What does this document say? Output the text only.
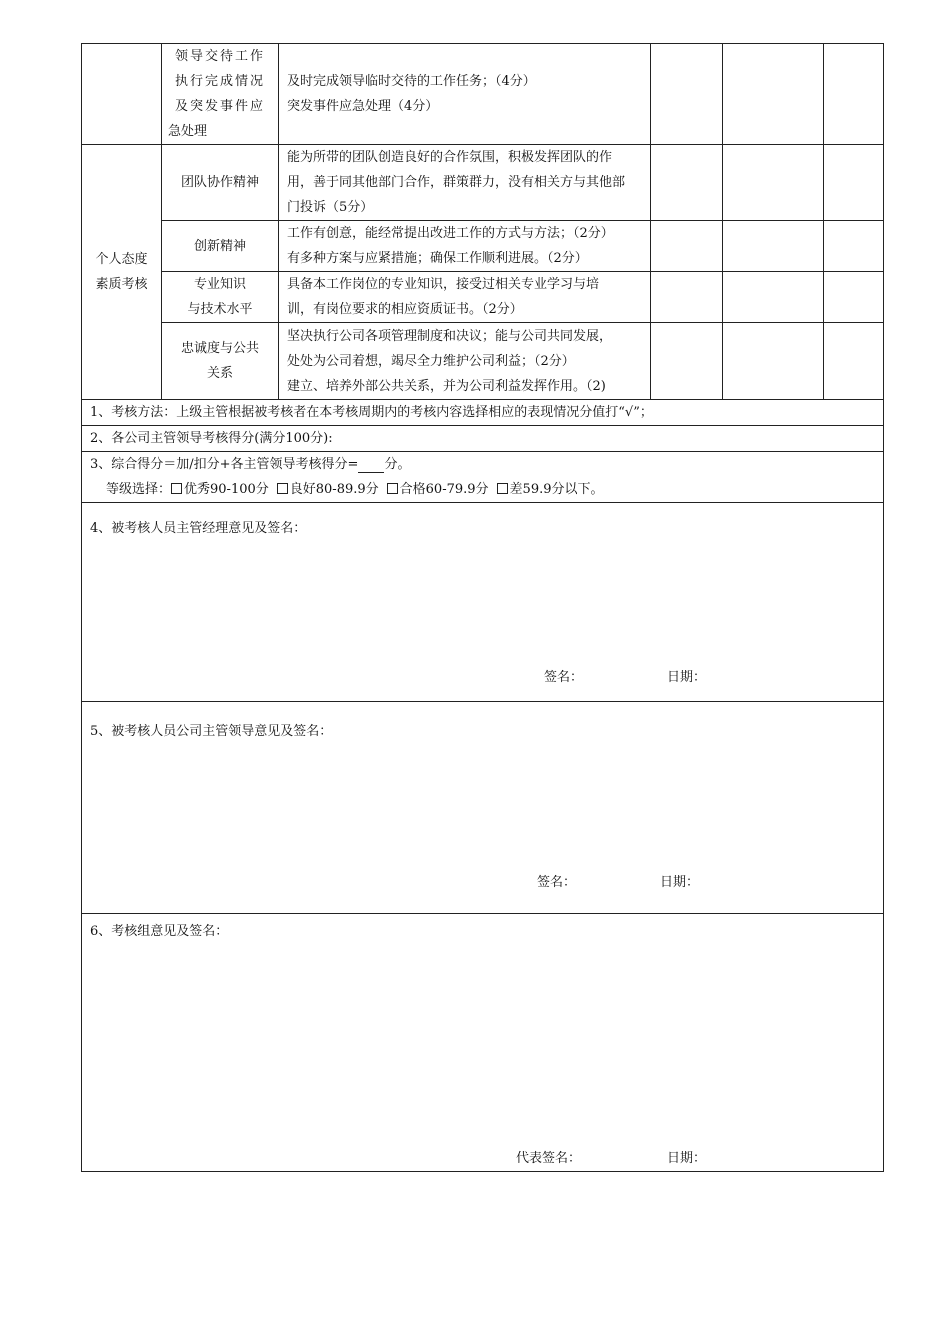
	领导交待工作
执行完成情况
及突发事件应
急处理	及时完成领导临时交待的工作任务；（4分）
突发事件应急处理（4分）			

个人态度
素质考核	团队协作精神	能为所带的团队创造良好的合作氛围，积极发挥团队的作
用，善于同其他部门合作，群策群力，没有相关方与其他部
门投诉（5分）			

	创新精神	工作有创意，能经常提出改进工作的方式与方法；（2分）
有多种方案与应紧措施；确保工作顺利进展。（2分）			

	专业知识
与技术水平	具备本工作岗位的专业知识，接受过相关专业学习与培
训，有岗位要求的相应资质证书。（2分）			

	忠诚度与公共
关系	坚决执行公司各项管理制度和决议；能与公司共同发展，
处处为公司着想，竭尽全力维护公司利益；（2分）
建立、培养外部公共关系，并为公司利益发挥作用。（2)			

1、考核方法：上级主管根据被考核者在本考核周期内的考核内容选择相应的表现情况分值打“√”；					
2、各公司主管领导考核得分(满分100分):					

3、综合得分＝加/扣分+各主管领导考核得分= 分。
等级选择： 优秀90-100分 良好80-89.9分 合格60-79.9分 差59.9分以下。					

4、被考核人员主管经理意见及签名：
签名： 日期：					

5、被考核人员公司主管领导意见及签名：
签名： 日期：					

6、考核组意见及签名：
代表签名： 日期：					
